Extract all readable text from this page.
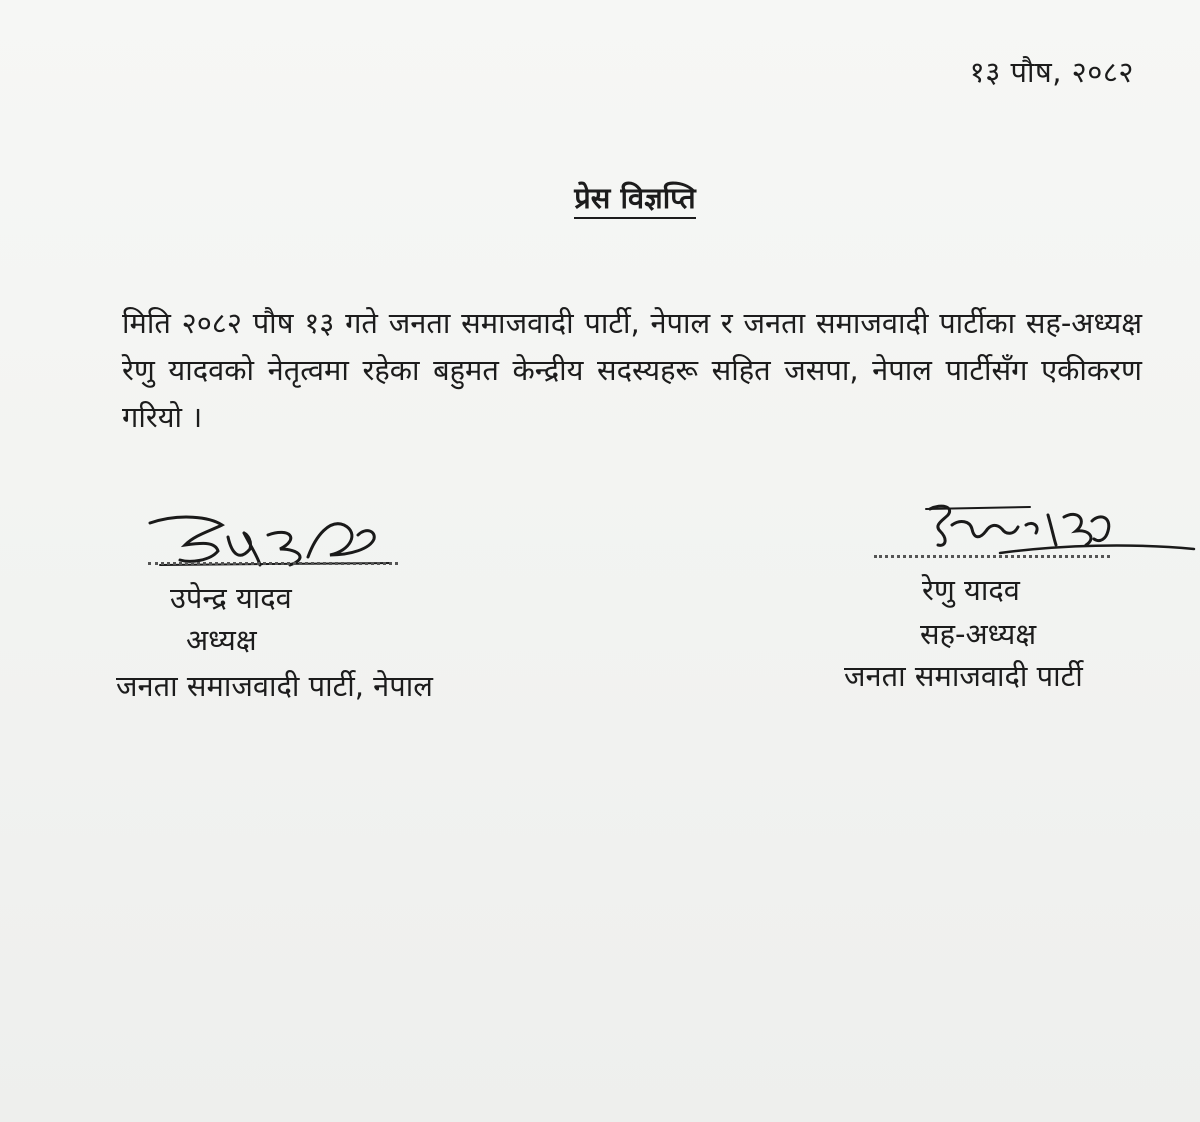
१३ पौष, २०८२
प्रेस विज्ञप्ति

मिति २०८२ पौष १३ गते जनता समाजवादी पार्टी, नेपाल र जनता समाजवादी पार्टीका सह-अध्यक्ष रेणु यादवको नेतृत्वमा रहेका बहुमत केन्द्रीय सदस्यहरू सहित जसपा, नेपाल पार्टीसँग एकीकरण गरियो ।

उपेन्द्र यादव
अध्यक्ष
जनता समाजवादी पार्टी, नेपाल
रेणु यादव
सह-अध्यक्ष
जनता समाजवादी पार्टी
